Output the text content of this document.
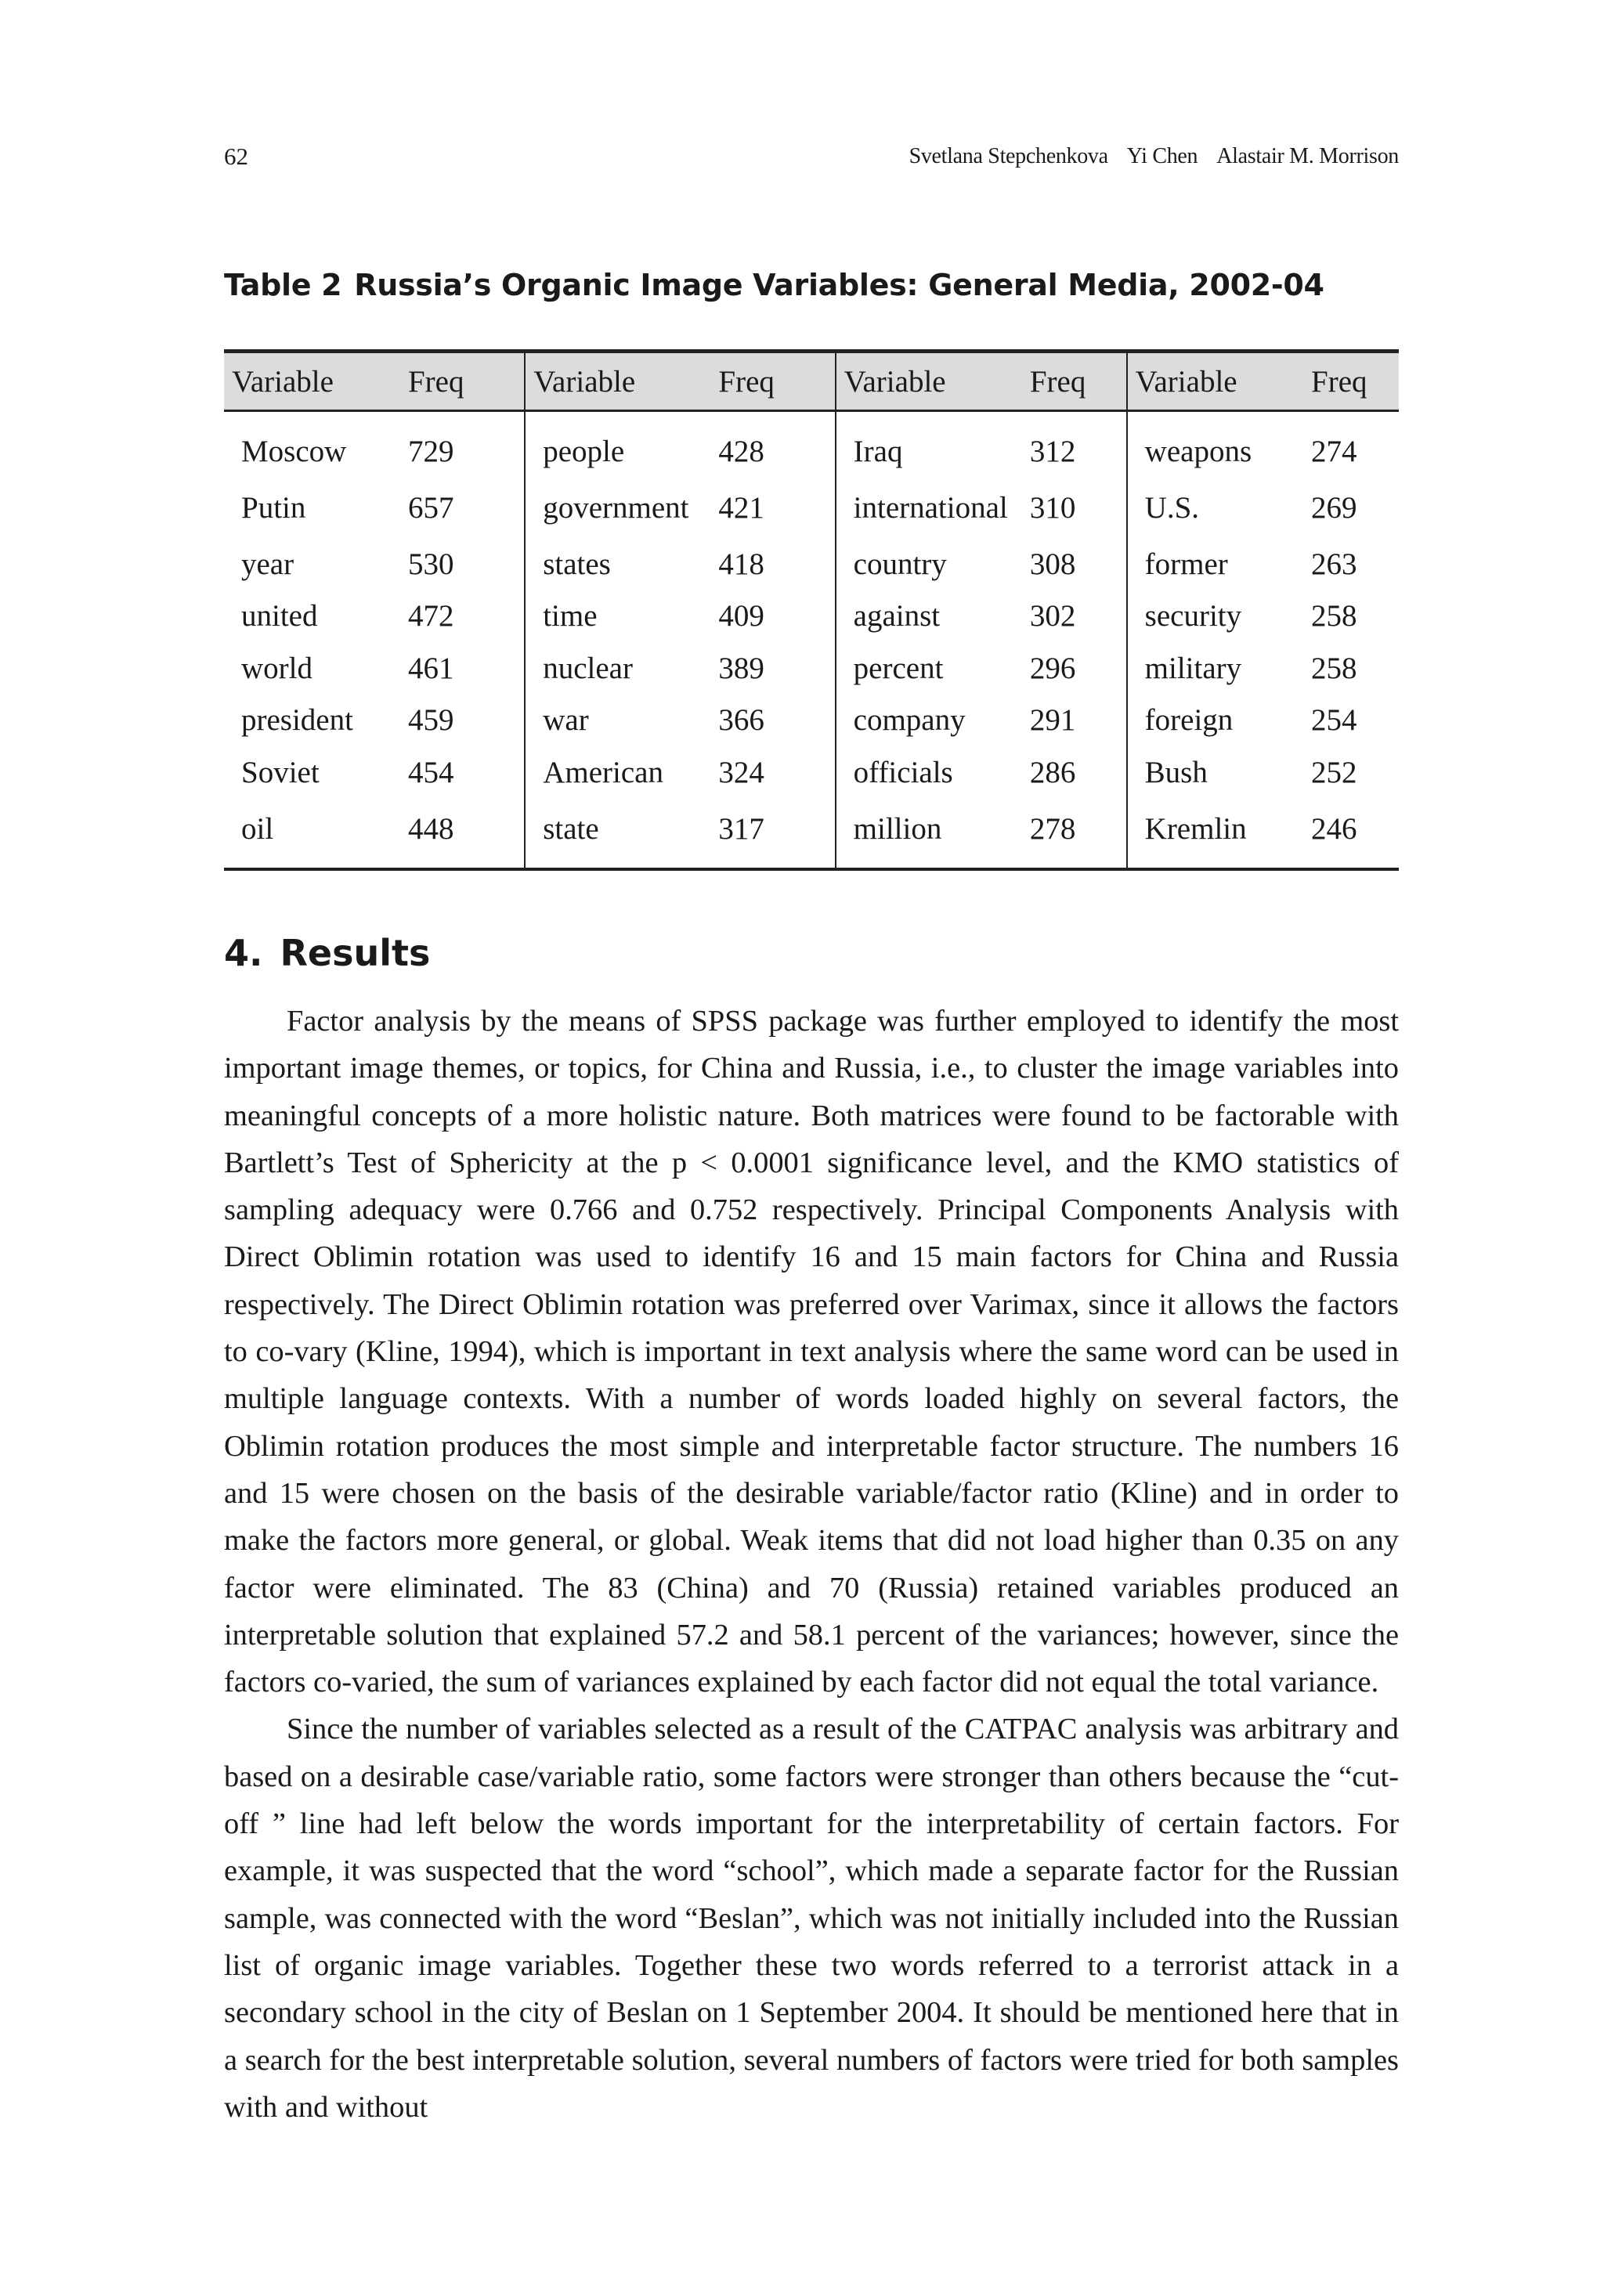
62	Svetlana Stepchenkova Yi Chen Alastair M. Morrison
Table 2 Russia’s Organic Image Variables: General Media, 2002-04
Variable	Freq	Variable	Freq	Variable	Freq	Variable	Freq
Moscow	729	people	428	Iraq	312	weapons	274
Putin	657	government	421	international	310	U.S.	269
year	530	states	418	country	308	former	263
united	472	time	409	against	302	security	258
world	461	nuclear	389	percent	296	military	258
president	459	war	366	company	291	foreign	254
Soviet	454	American	324	officials	286	Bush	252
oil	448	state	317	million	278	Kremlin	246
4. Results

Factor analysis by the means of SPSS package was further employed to identify the most important image themes, or topics, for China and Russia, i.e., to cluster the image variables into meaningful concepts of a more holistic nature. Both matrices were found to be factorable with Bartlett’s Test of Sphericity at the p < 0.0001 significance level, and the KMO statistics of sampling adequacy were 0.766 and 0.752 respectively. Principal Components Analysis with Direct Oblimin rotation was used to identify 16 and 15 main factors for China and Russia respectively. The Direct Oblimin rotation was preferred over Varimax, since it allows the factors to co-vary (Kline, 1994), which is important in text analysis where the same word can be used in multiple language contexts. With a number of words loaded highly on several factors, the Oblimin rotation produces the most simple and interpretable factor structure. The numbers 16 and 15 were chosen on the basis of the desirable variable/factor ratio (Kline) and in order to make the factors more general, or global. Weak items that did not load higher than 0.35 on any factor were eliminated. The 83 (China) and 70 (Russia) retained variables produced an interpretable solution that explained 57.2 and 58.1 percent of the variances; however, since the factors co-varied, the sum of variances explained by each factor did not equal the total variance.

Since the number of variables selected as a result of the CATPAC analysis was arbitrary and based on a desirable case/variable ratio, some factors were stronger than others because the “cut-off ” line had left below the words important for the interpretability of certain factors. For example, it was suspected that the word “school”, which made a separate factor for the Russian sample, was connected with the word “Beslan”, which was not initially included into the Russian list of organic image variables. Together these two words referred to a terrorist attack in a secondary school in the city of Beslan on 1 September 2004. It should be mentioned here that in a search for the best interpretable solution, several numbers of factors were tried for both samples with and without
